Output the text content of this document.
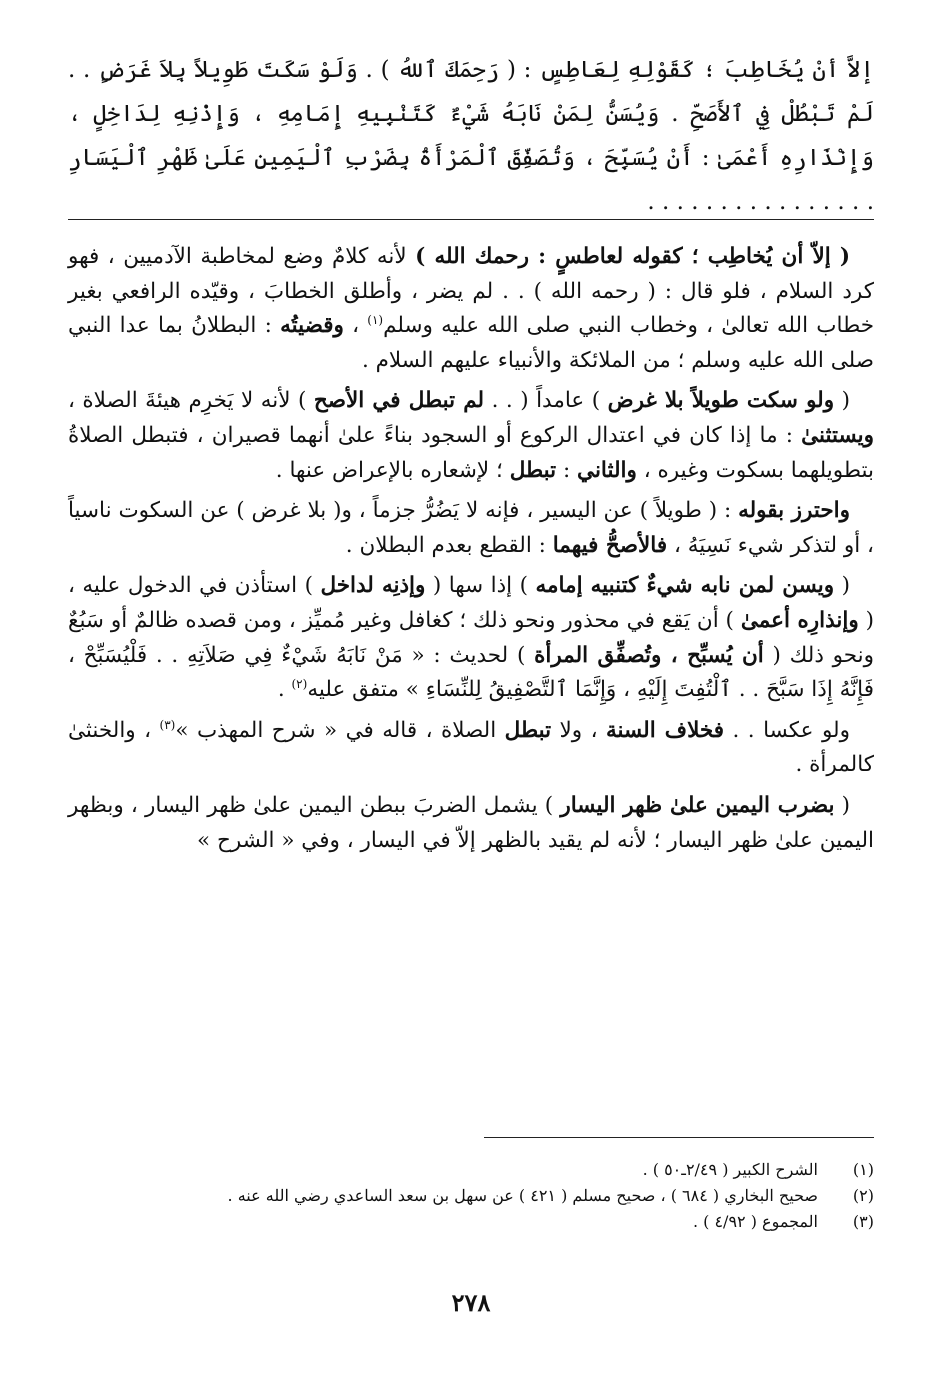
إلاَّ أنْ يُخَاطِبَ ؛ كَقَوْلِهِ لِعَاطِسٍ : ( رَحِمَكَ ٱللهُ ) . وَلَوْ سَكَتَ طَوِيلاً بِلاَ غَرَضٍ . . لَمْ تَبْطُلْ فِي ٱلأَصَحِّ . وَيُسَنُّ لِمَنْ نَابَهُ شَيْءٌ كَتَنْبِيهِ إِمَامِهِ ، وَإِذْنِهِ لِدَاخِلٍ ، وَإِنْذَارِهِ أَعْمَىٰ : أَنْ يُسَبِّحَ ، وَتُصَفِّقَ ٱلْمَرْأَةُ بِضَرْبِ ٱلْيَمِينِ عَلَىٰ ظَهْرِ ٱلْيَسَارِ . . . . . . . . . . . . . . . .

( إلاّ أن يُخاطِب ؛ كقوله لعاطسٍ : رحمك الله ) لأنه كلامٌ وضع لمخاطبة الآدميين ، فهو كرد السلام ، فلو قال : ( رحمه الله ) . . لم يضر ، وأطلق الخطابَ ، وقيّده الرافعي بغير خطاب الله تعالىٰ ، وخطاب النبي صلى الله عليه وسلم$^{(١)}$ ، وقضيتُه : البطلانُ بما عدا النبي صلى الله عليه وسلم ؛ من الملائكة والأنبياء عليهم السلام .

( ولو سكت طويلاً بلا غرض ) عامداً ( . . لم تبطل في الأصح ) لأنه لا يَخرِم هيئةَ الصلاة ، ويستثنىٰ : ما إذا كان في اعتدال الركوع أو السجود بناءً علىٰ أنهما قصيران ، فتبطل الصلاةُ بتطويلهما بسكوت وغيره ، والثاني : تبطل ؛ لإشعاره بالإعراض عنها .

واحترز بقوله : ( طويلاً ) عن اليسير ، فإنه لا يَضُرُّ جزماً ، و( بلا غرض ) عن السكوت ناسياً ، أو لتذكر شيء نَسِيَهُ ، فالأصحُّ فيهما : القطع بعدم البطلان .

( ويسن لمن نابه شيءٌ كتنبيه إمامه ) إذا سها ( وإذنِه لداخل ) استأذن في الدخول عليه ، ( وإنذارِه أعمىٰ ) أن يَقع في محذور ونحو ذلك ؛ كغافل وغير مُميِّز ، ومن قصده ظالمٌ أو سَبُعٌ ونحو ذلك ( أن يُسبِّح ، وتُصفِّق المرأة ) لحديث : « مَنْ نَابَهُ شَيْءٌ فِي صَلاَتِهِ . . فَلْيُسَبِّحْ ، فَإِنَّهُ إِذَا سَبَّحَ . . ٱلْتُفِتَ إِلَيْهِ ، وَإِنَّمَا ٱلتَّصْفِيقُ لِلنِّسَاءِ » متفق عليه$^{(٢)}$ .

ولو عكسا . . فخلاف السنة ، ولا تبطل الصلاة ، قاله في « شرح المهذب »$^{(٣)}$ ، والخنثىٰ كالمرأة .

( بضرب اليمين علىٰ ظهر اليسار ) يشمل الضربَ ببطن اليمين علىٰ ظهر اليسار ، وبظهر اليمين علىٰ ظهر اليسار ؛ لأنه لم يقيد بالظهر إلاّ في اليسار ، وفي « الشرح »

(١)
الشرح الكبير ( ٢/٤٩ـ٥٠ ) .
(٢)
صحيح البخاري ( ٦٨٤ ) ، صحيح مسلم ( ٤٢١ ) عن سهل بن سعد الساعدي رضي الله عنه .
(٣)
المجموع ( ٤/٩٢ ) .
٢٧٨
